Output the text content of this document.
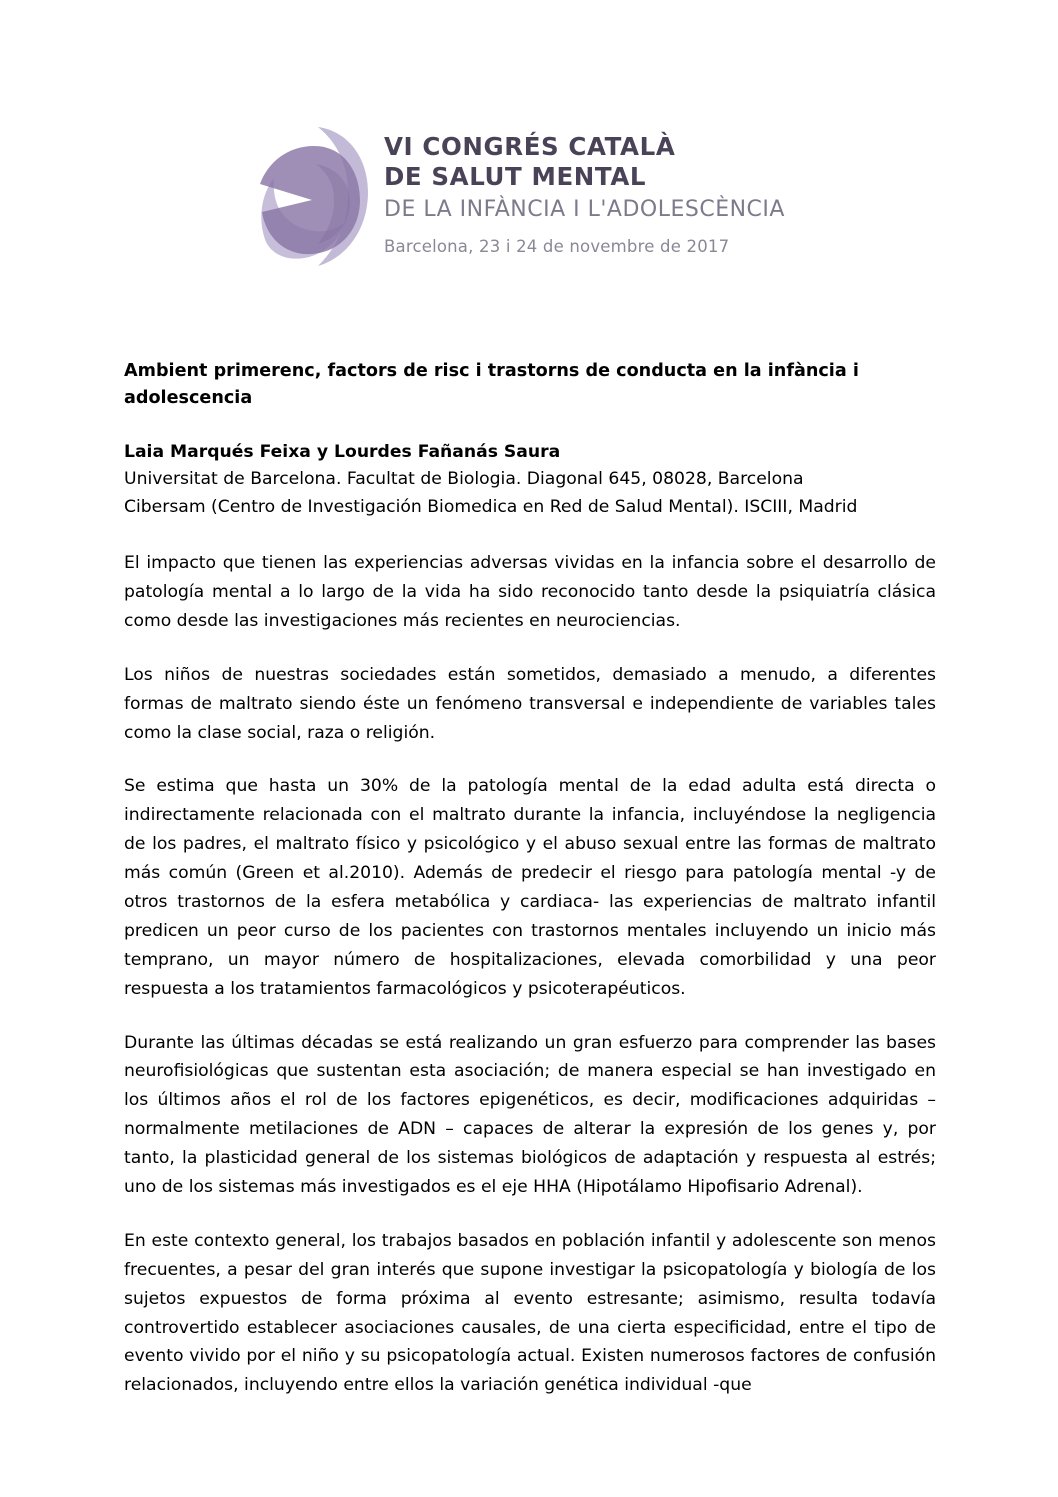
VI CONGRÉS CATALÀ
DE SALUT MENTAL
DE LA INFÀNCIA I L'ADOLESCÈNCIA
Barcelona, 23 i 24 de novembre de 2017
Ambient primerenc, factors de risc i trastorns de conducta en la infància i adolescencia
Laia Marqués Feixa y Lourdes Fañanás Saura
Universitat de Barcelona. Facultat de Biologia. Diagonal 645, 08028, Barcelona
Cibersam (Centro de Investigación Biomedica en Red de Salud Mental). ISCIII, Madrid

El impacto que tienen las experiencias adversas vividas en la infancia sobre el desarrollo de patología mental a lo largo de la vida ha sido reconocido tanto desde la psiquiatría clásica como desde las investigaciones más recientes en neurociencias.

Los niños de nuestras sociedades están sometidos, demasiado a menudo, a diferentes formas de maltrato siendo éste un fenómeno transversal e independiente de variables tales como la clase social, raza o religión.

Se estima que hasta un 30% de la patología mental de la edad adulta está directa o indirectamente relacionada con el maltrato durante la infancia, incluyéndose la negligencia de los padres, el maltrato físico y psicológico y el abuso sexual entre las formas de maltrato más común (Green et al.2010). Además de predecir el riesgo para patología mental -y de otros trastornos de la esfera metabólica y cardiaca- las experiencias de maltrato infantil predicen un peor curso de los pacientes con trastornos mentales incluyendo un inicio más temprano, un mayor número de hospitalizaciones, elevada comorbilidad y una peor respuesta a los tratamientos farmacológicos y psicoterapéuticos.

Durante las últimas décadas se está realizando un gran esfuerzo para comprender las bases neurofisiológicas que sustentan esta asociación; de manera especial se han investigado en los últimos años el rol de los factores epigenéticos, es decir, modificaciones adquiridas – normalmente metilaciones de ADN – capaces de alterar la expresión de los genes y, por tanto, la plasticidad general de los sistemas biológicos de adaptación y respuesta al estrés; uno de los sistemas más investigados es el eje HHA (Hipotálamo Hipofisario Adrenal).

En este contexto general, los trabajos basados en población infantil y adolescente son menos frecuentes, a pesar del gran interés que supone investigar la psicopatología y biología de los sujetos expuestos de forma próxima al evento estresante; asimismo, resulta todavía controvertido establecer asociaciones causales, de una cierta especificidad, entre el tipo de evento vivido por el niño y su psicopatología actual. Existen numerosos factores de confusión relacionados, incluyendo entre ellos la variación genética individual -que
